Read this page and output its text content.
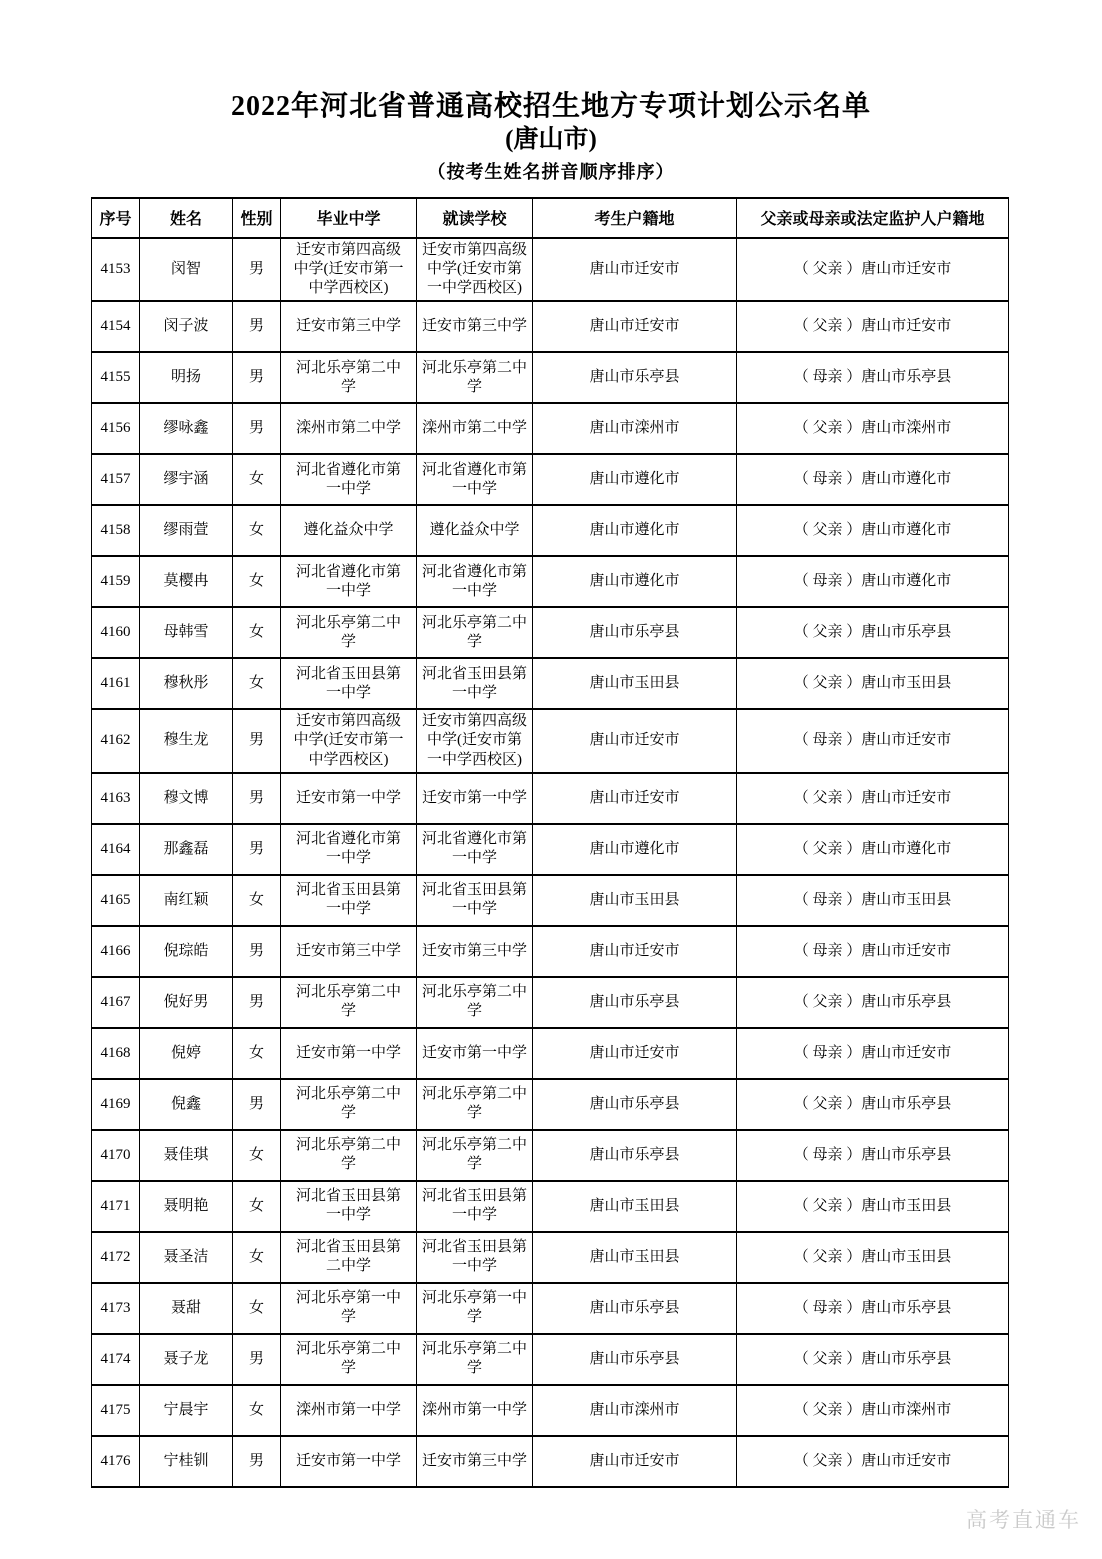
2022年河北省普通高校招生地方专项计划公示名单
(唐山市)
（按考生姓名拼音顺序排序）
序号	姓名	性别	毕业中学	就读学校	考生户籍地	父亲或母亲或法定监护人户籍地
4153	闵智	男	迁安市第四高级中学(迁安市第一中学西校区)	迁安市第四高级中学(迁安市第一中学西校区)	唐山市迁安市	（ 父亲 ）唐山市迁安市
4154	闵子波	男	迁安市第三中学	迁安市第三中学	唐山市迁安市	（ 父亲 ）唐山市迁安市
4155	明扬	男	河北乐亭第二中学	河北乐亭第二中学	唐山市乐亭县	（ 母亲 ）唐山市乐亭县
4156	缪咏鑫	男	滦州市第二中学	滦州市第二中学	唐山市滦州市	（ 父亲 ）唐山市滦州市
4157	缪宇涵	女	河北省遵化市第一中学	河北省遵化市第一中学	唐山市遵化市	（ 母亲 ）唐山市遵化市
4158	缪雨萱	女	遵化益众中学	遵化益众中学	唐山市遵化市	（ 父亲 ）唐山市遵化市
4159	莫樱冉	女	河北省遵化市第一中学	河北省遵化市第一中学	唐山市遵化市	（ 母亲 ）唐山市遵化市
4160	母韩雪	女	河北乐亭第二中学	河北乐亭第二中学	唐山市乐亭县	（ 父亲 ）唐山市乐亭县
4161	穆秋彤	女	河北省玉田县第一中学	河北省玉田县第一中学	唐山市玉田县	（ 父亲 ）唐山市玉田县
4162	穆生龙	男	迁安市第四高级中学(迁安市第一中学西校区)	迁安市第四高级中学(迁安市第一中学西校区)	唐山市迁安市	（ 母亲 ）唐山市迁安市
4163	穆文博	男	迁安市第一中学	迁安市第一中学	唐山市迁安市	（ 父亲 ）唐山市迁安市
4164	那鑫磊	男	河北省遵化市第一中学	河北省遵化市第一中学	唐山市遵化市	（ 父亲 ）唐山市遵化市
4165	南红颖	女	河北省玉田县第一中学	河北省玉田县第一中学	唐山市玉田县	（ 母亲 ）唐山市玉田县
4166	倪琮皓	男	迁安市第三中学	迁安市第三中学	唐山市迁安市	（ 母亲 ）唐山市迁安市
4167	倪好男	男	河北乐亭第二中学	河北乐亭第二中学	唐山市乐亭县	（ 父亲 ）唐山市乐亭县
4168	倪婷	女	迁安市第一中学	迁安市第一中学	唐山市迁安市	（ 母亲 ）唐山市迁安市
4169	倪鑫	男	河北乐亭第二中学	河北乐亭第二中学	唐山市乐亭县	（ 父亲 ）唐山市乐亭县
4170	聂佳琪	女	河北乐亭第二中学	河北乐亭第二中学	唐山市乐亭县	（ 母亲 ）唐山市乐亭县
4171	聂明艳	女	河北省玉田县第一中学	河北省玉田县第一中学	唐山市玉田县	（ 父亲 ）唐山市玉田县
4172	聂圣洁	女	河北省玉田县第二中学	河北省玉田县第一中学	唐山市玉田县	（ 父亲 ）唐山市玉田县
4173	聂甜	女	河北乐亭第一中学	河北乐亭第一中学	唐山市乐亭县	（ 母亲 ）唐山市乐亭县
4174	聂子龙	男	河北乐亭第二中学	河北乐亭第二中学	唐山市乐亭县	（ 父亲 ）唐山市乐亭县
4175	宁晨宇	女	滦州市第一中学	滦州市第一中学	唐山市滦州市	（ 父亲 ）唐山市滦州市
4176	宁桂钏	男	迁安市第一中学	迁安市第三中学	唐山市迁安市	（ 父亲 ）唐山市迁安市
高考直通车
